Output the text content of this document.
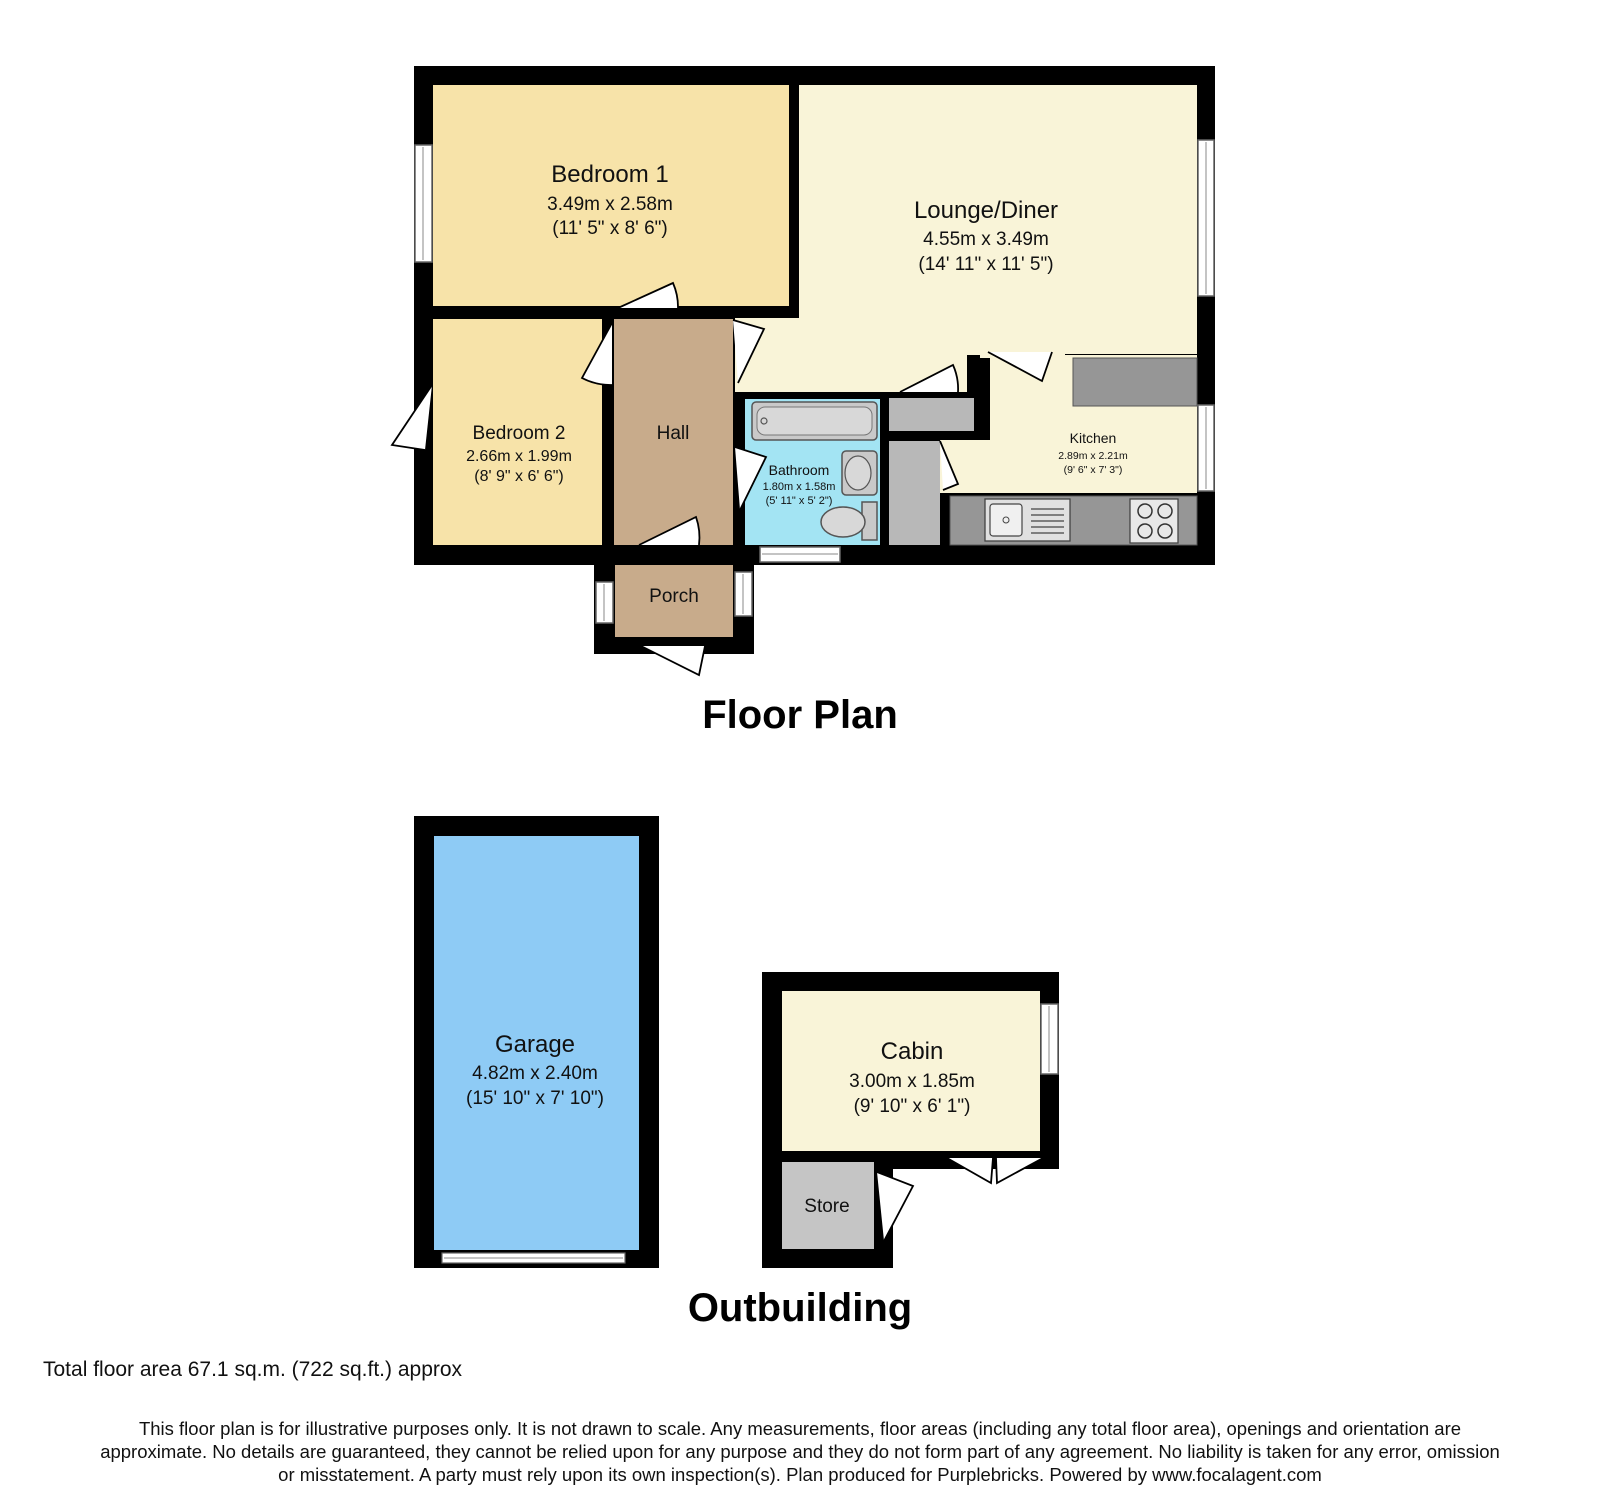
Bedroom 1
3.49m x 2.58m
(11' 5" x 8' 6")
Lounge/Diner
4.55m x 3.49m
(14' 11" x 11' 5")
Bedroom 2
2.66m x 1.99m
(8' 9" x 6' 6")
Hall
Bathroom
1.80m x 1.58m
(5' 11" x 5' 2")
Kitchen
2.89m x 2.21m
(9' 6" x 7' 3")
Porch
Garage
4.82m x 2.40m
(15' 10" x 7' 10")
Cabin
3.00m x 1.85m
(9' 10" x 6' 1")
Store
Floor Plan
Outbuilding
Total floor area 67.1 sq.m. (722 sq.ft.) approx
This floor plan is for illustrative purposes only. It is not drawn to scale. Any measurements, floor areas (including any total floor area), openings and orientation are
approximate. No details are guaranteed, they cannot be relied upon for any purpose and they do not form part of any agreement. No liability is taken for any error, omission
or misstatement. A party must rely upon its own inspection(s). Plan produced for Purplebricks. Powered by www.focalagent.com
